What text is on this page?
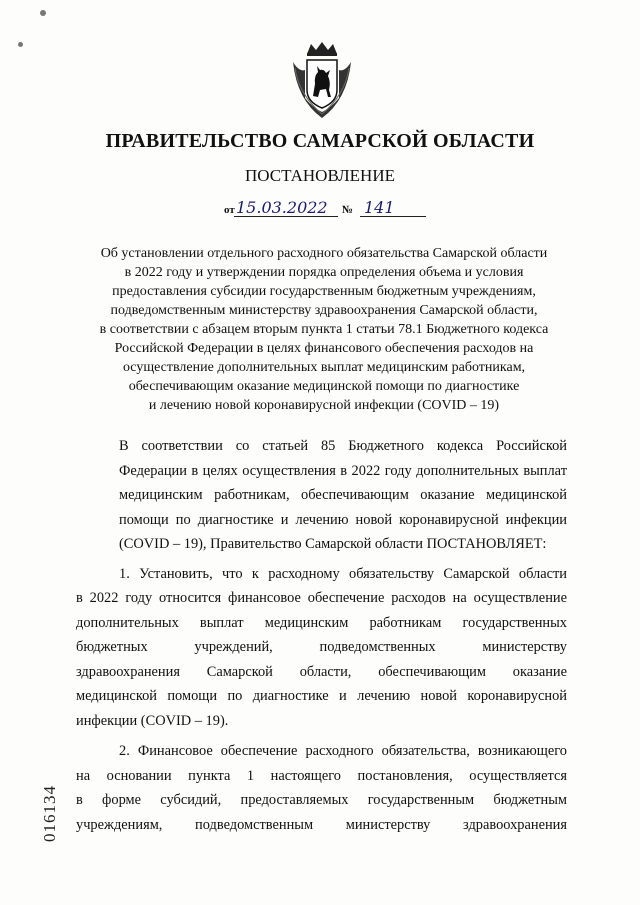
ПРАВИТЕЛЬСТВО САМАРСКОЙ ОБЛАСТИ
ПОСТАНОВЛЕНИЕ
от 15.03.2022 № 141
Об установлении отдельного расходного обязательства Самарской области
в 2022 году и утверждении порядка определения объема и условия
предоставления субсидии государственным бюджетным учреждениям,
подведомственным министерству здравоохранения Самарской области,
в соответствии с абзацем вторым пункта 1 статьи 78.1 Бюджетного кодекса
Российской Федерации в целях финансового обеспечения расходов на
осуществление дополнительных выплат медицинским работникам,
обеспечивающим оказание медицинской помощи по диагностике
и лечению новой коронавирусной инфекции (COVID – 19)

В соответствии со статьей 85 Бюджетного кодекса Российской
Федерации в целях осуществления в 2022 году дополнительных выплат
медицинским работникам, обеспечивающим оказание медицинской
помощи по диагностике и лечению новой коронавирусной инфекции
(COVID – 19), Правительство Самарской области ПОСТАНОВЛЯЕТ:

1. Установить, что к расходному обязательству Самарской области
в 2022 году относится финансовое обеспечение расходов на осуществление
дополнительных выплат медицинским работникам государственных
бюджетных учреждений, подведомственных министерству
здравоохранения Самарской области, обеспечивающим оказание
медицинской помощи по диагностике и лечению новой коронавирусной
инфекции (COVID – 19).

2. Финансовое обеспечение расходного обязательства, возникающего
на основании пункта 1 настоящего постановления, осуществляется
в форме субсидий, предоставляемых государственным бюджетным
учреждениям, подведомственным министерству здравоохранения

016134
